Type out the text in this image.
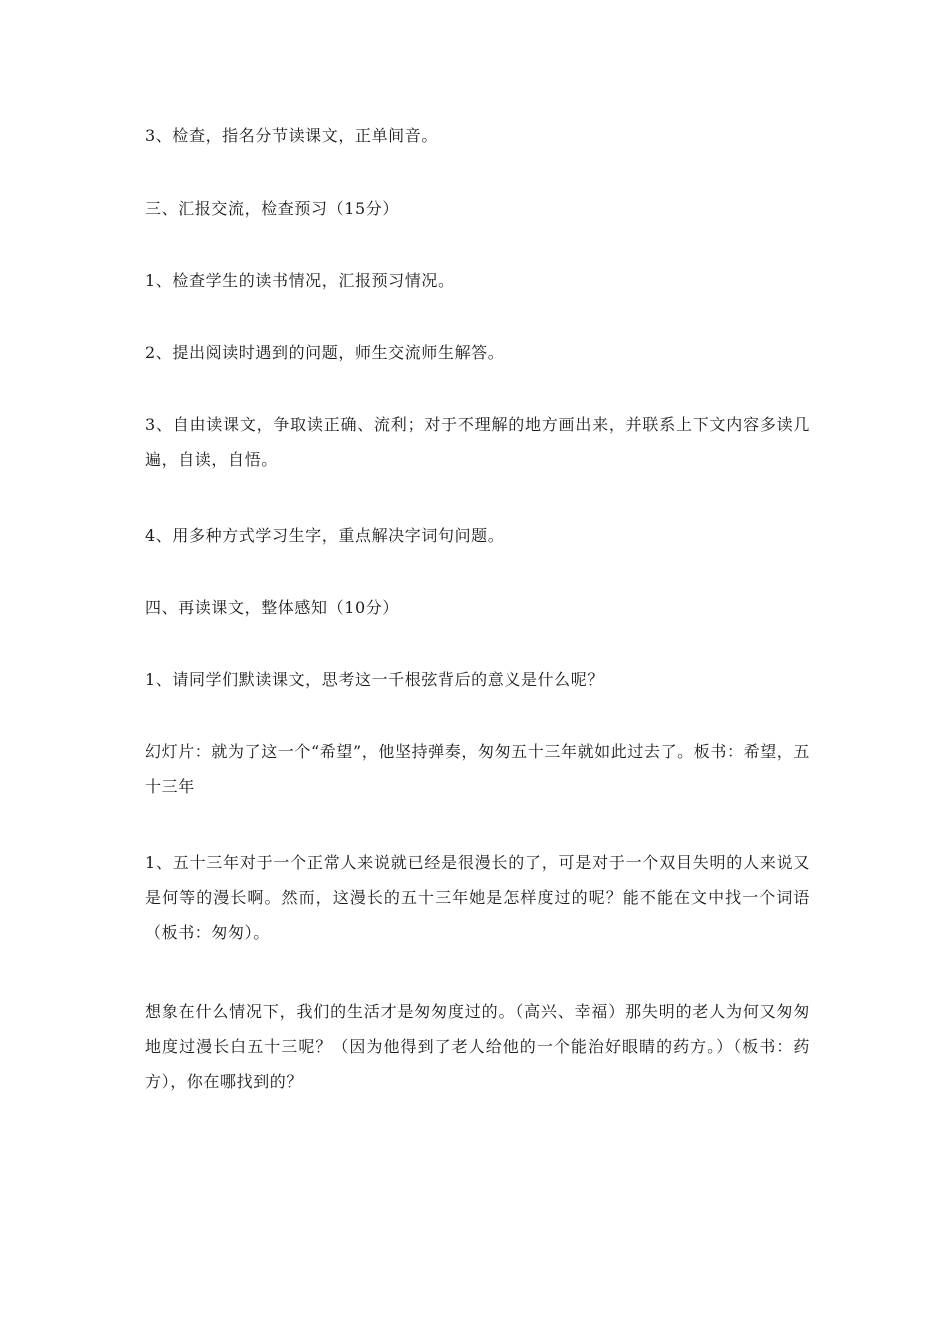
3、检查，指名分节读课文，正单间音。

三、汇报交流，检查预习（15分）

1、检查学生的读书情况，汇报预习情况。

2、提出阅读时遇到的问题，师生交流师生解答。

3、自由读课文，争取读正确、流利；对于不理解的地方画出来，并联系上下文内容多读几遍，自读，自悟。

4、用多种方式学习生字，重点解决字词句问题。

四、再读课文，整体感知（10分）

1、请同学们默读课文，思考这一千根弦背后的意义是什么呢？

幻灯片：就为了这一个“希望”，他坚持弹奏，匆匆五十三年就如此过去了。板书：希望，五十三年

1、五十三年对于一个正常人来说就已经是很漫长的了，可是对于一个双目失明的人来说又是何等的漫长啊。然而，这漫长的五十三年她是怎样度过的呢？能不能在文中找一个词语（板书：匆匆）。

想象在什么情况下，我们的生活才是匆匆度过的。（高兴、幸福）那失明的老人为何又匆匆地度过漫长白五十三呢？（因为他得到了老人给他的一个能治好眼睛的药方。）（板书：药方），你在哪找到的？
